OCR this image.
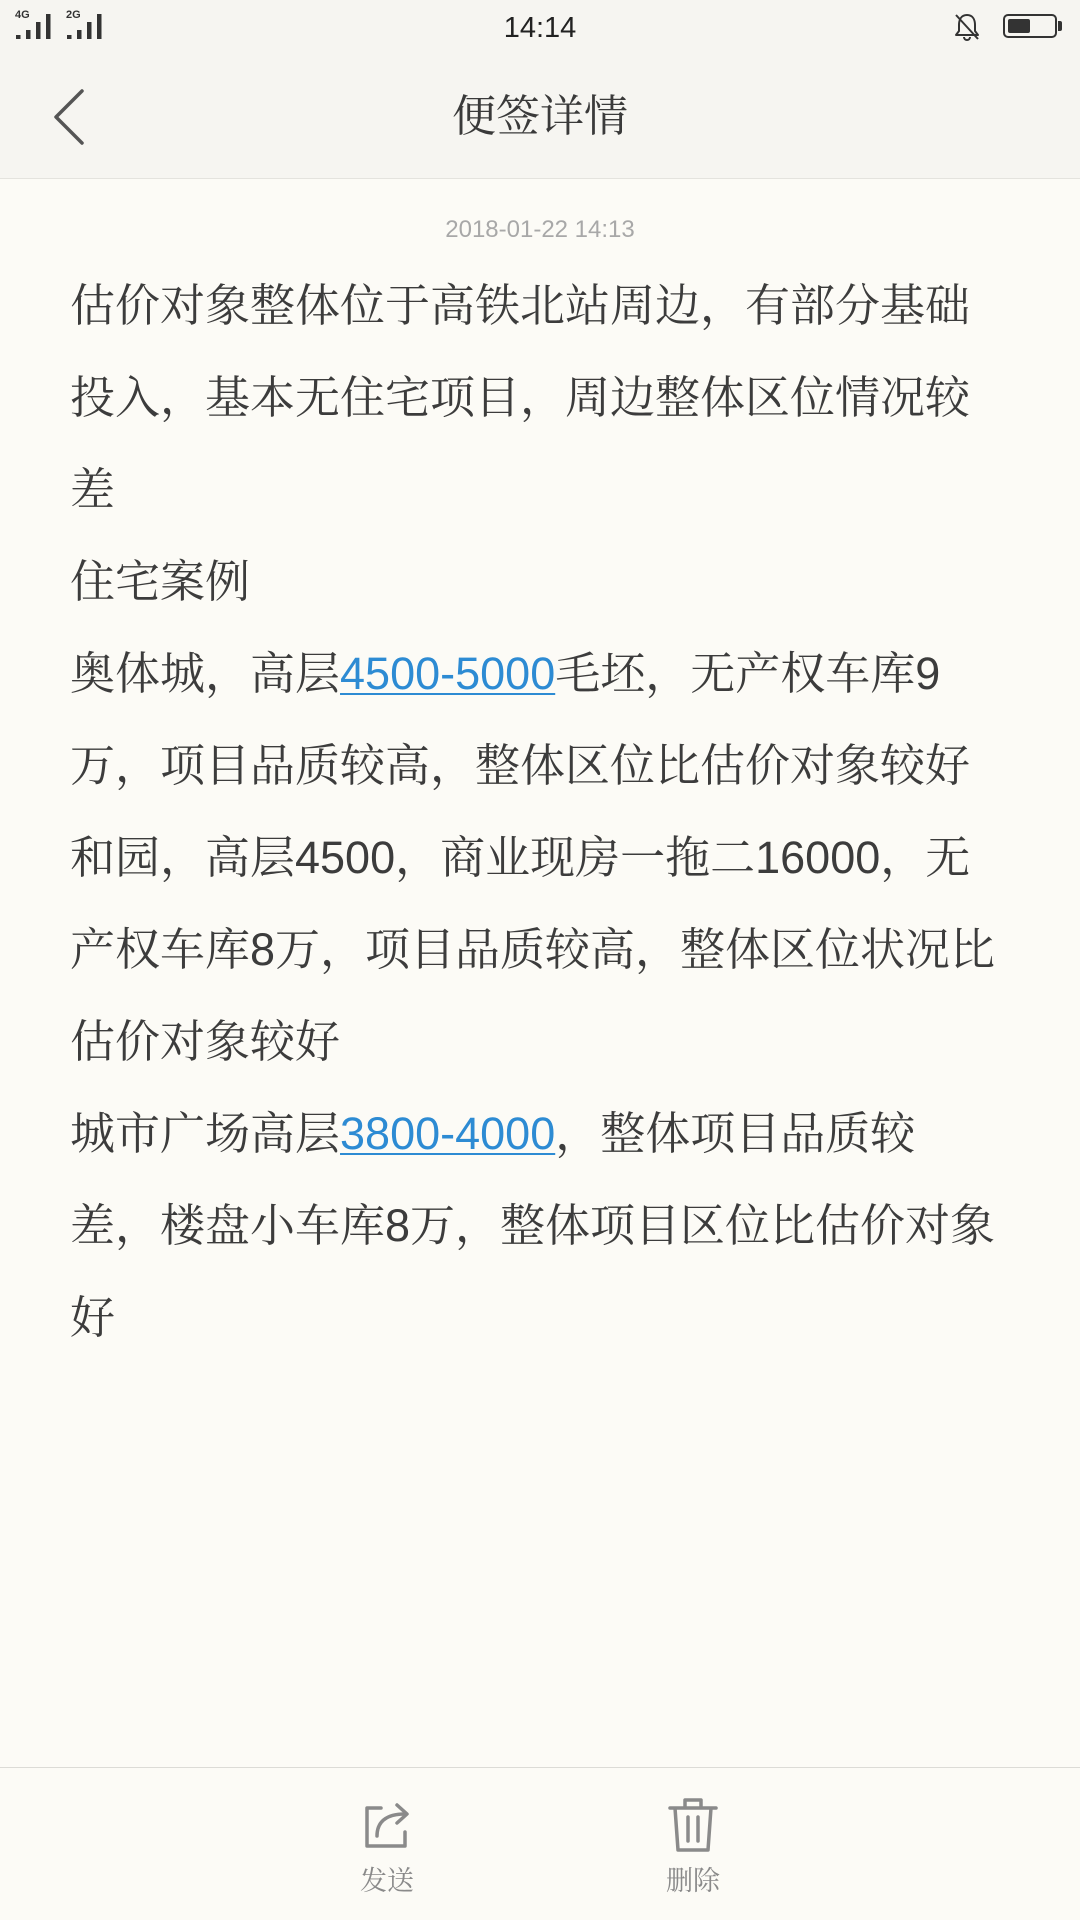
4G	2G	14:14
便签详情
2018-01-22 14:13
估价对象整体位于高铁北站周边，有部分基础
投入，基本无住宅项目，周边整体区位情况较
差
住宅案例
奥体城，高层4500-5000毛坯，无产权车库9
万，项目品质较高，整体区位比估价对象较好
和园，高层4500，商业现房一拖二16000，无
产权车库8万，项目品质较高，整体区位状况比
估价对象较好
城市广场高层3800-4000，整体项目品质较
差，楼盘小车库8万，整体项目区位比估价对象
好
发送	删除
